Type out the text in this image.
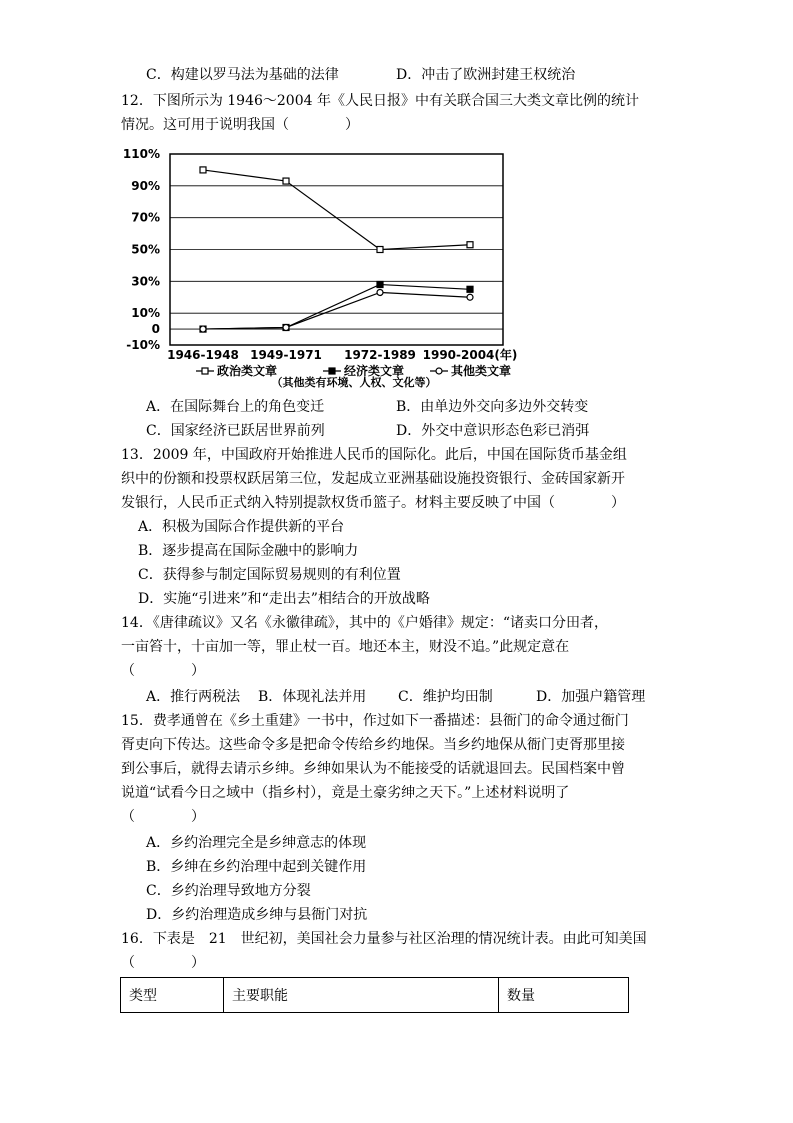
C．构建以罗马法为基础的法律	D．冲击了欧洲封建王权统治
12．下图所示为 1946～2004 年《人民日报》中有关联合国三大类文章比例的统计
情况。这可用于说明我国（　　　　）
110%
90%
70%
50%
30%
10%
0
-10%
1946-1948 1949-1971 1972-1989 1990-2004(年)
政治类文章	经济类文章	其他类文章
（其他类有环境、人权、文化等）
A．在国际舞台上的角色变迁	B．由单边外交向多边外交转变
C．国家经济已跃居世界前列	D．外交中意识形态色彩已消弭
13．2009 年，中国政府开始推进人民币的国际化。此后，中国在国际货币基金组
织中的份额和投票权跃居第三位，发起成立亚洲基础设施投资银行、金砖国家新开
发银行，人民币正式纳入特别提款权货币篮子。材料主要反映了中国（　　　　）
A．积极为国际合作提供新的平台
B．逐步提高在国际金融中的影响力
C．获得参与制定国际贸易规则的有利位置
D．实施“引进来”和“走出去”相结合的开放战略
14．《唐律疏议》又名《永徽律疏》，其中的《户婚律》规定：“诸卖口分田者，
一亩笞十，十亩加一等，罪止杖一百。地还本主，财没不追。”此规定意在
（　　　　）
A．推行两税法 B．体现礼法并用 C．维护均田制	D．加强户籍管理
15．费孝通曾在《乡土重建》一书中，作过如下一番描述：县衙门的命令通过衙门
胥吏向下传达。这些命令多是把命令传给乡约地保。当乡约地保从衙门吏胥那里接
到公事后，就得去请示乡绅。乡绅如果认为不能接受的话就退回去。民国档案中曾
说道“试看今日之域中（指乡村），竟是土豪劣绅之天下。”上述材料说明了
（　　　　）
A．乡约治理完全是乡绅意志的体现
B．乡绅在乡约治理中起到关键作用
C．乡约治理导致地方分裂
D．乡约治理造成乡绅与县衙门对抗
16．下表是　21　世纪初，美国社会力量参与社区治理的情况统计表。由此可知美国
（　　　　）
类型	主要职能	数量
